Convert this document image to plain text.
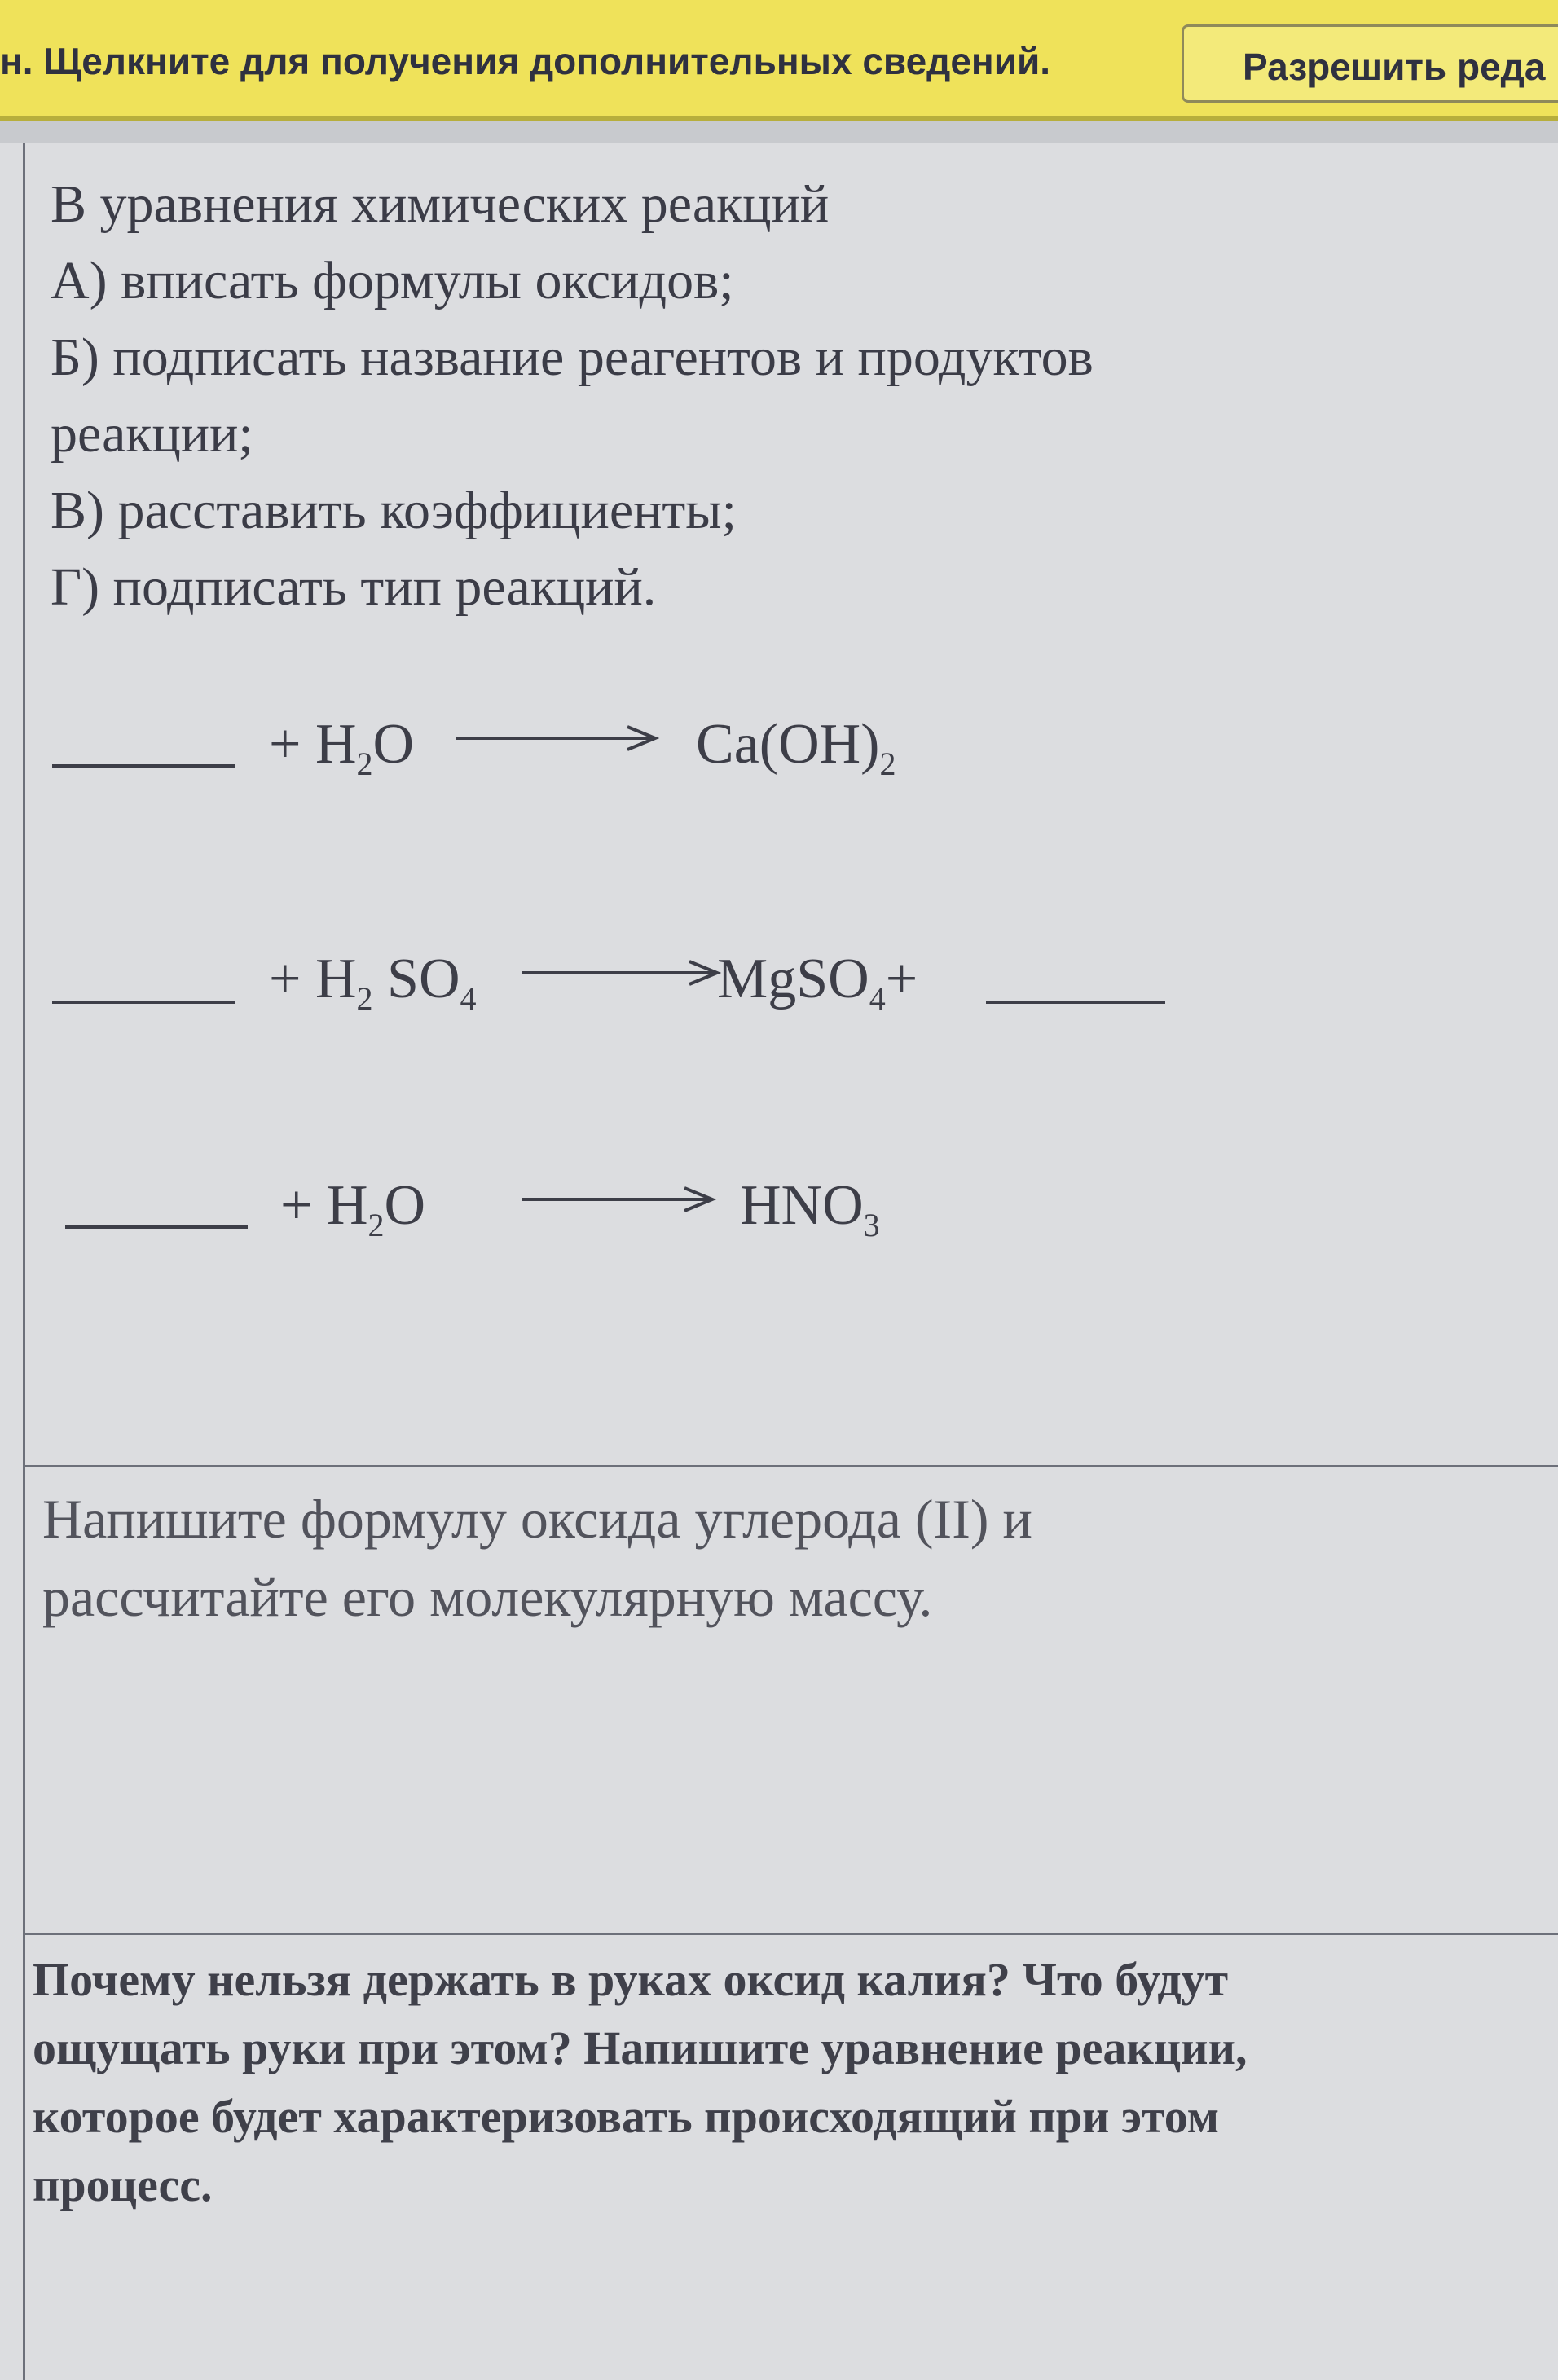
н. Щелкните для получения дополнительных сведений.	Разрешить реда
В уравнения химических реакций
А) вписать формулы оксидов;
Б) подписать название реагентов и продуктов
реакции;
В) расставить коэффициенты;
Г) подписать тип реакций.
+ $H_2O$	$Ca(OH)_2$
+ $H_2$ $SO_4$	MgSO$_4$+
+ $H_2O$	$HNO_3$
Напишите формулу оксида углерода (II) и
рассчитайте его молекулярную массу.
Почему нельзя держать в руках оксид калия? Что будут
ощущать руки при этом? Напишите уравнение реакции,
которое будет характеризовать происходящий при этом
процесс.
